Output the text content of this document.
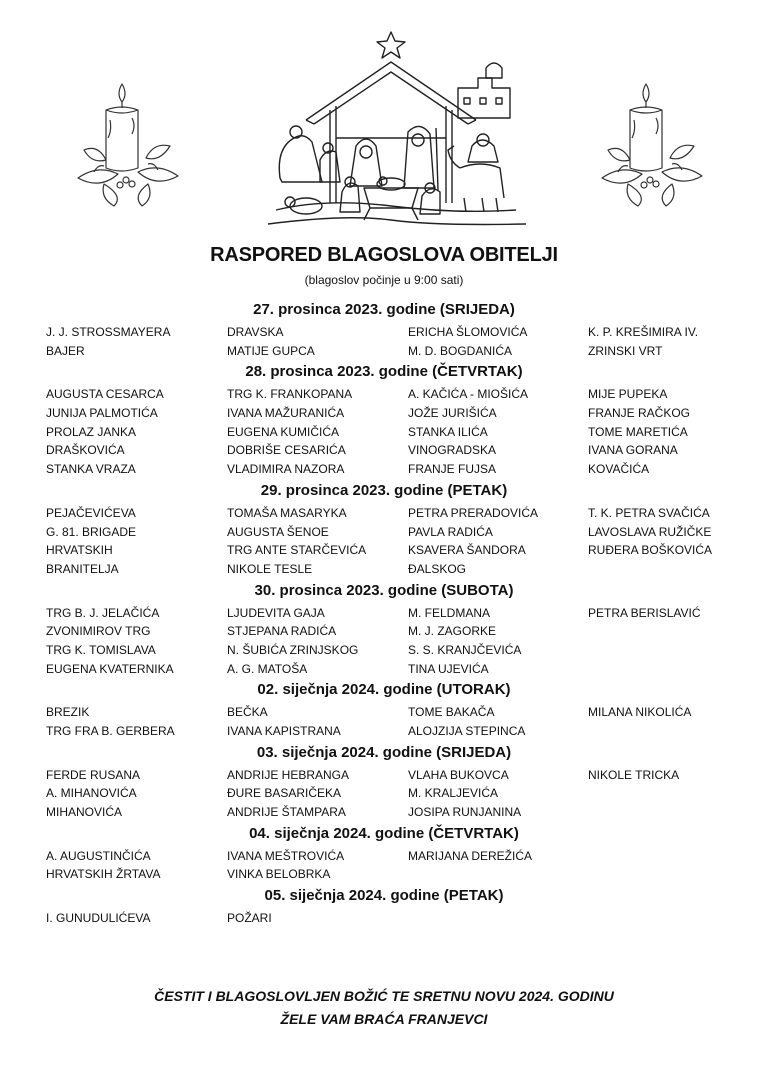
RASPORED BLAGOSLOVA OBITELJI
(blagoslov počinje u 9:00 sati)
27. prosinca 2023. godine (SRIJEDA)
J. J. STROSSMAYERA	DRAVSKA	ERICHA ŠLOMOVIĆA	K. P. KREŠIMIRA IV.
BAJER	MATIJE GUPCA	M. D. BOGDANIĆA	ZRINSKI VRT
28. prosinca 2023. godine (ČETVRTAK)
AUGUSTA CESARCA	TRG K. FRANKOPANA	A. KAČIĆA - MIOŠIĆA	MIJE PUPEKA
JUNIJA PALMOTIĆA	IVANA MAŽURANIĆA	JOŽE JURIŠIĆA	FRANJE RAČKOG
PROLAZ JANKA	EUGENA KUMIČIĆA	STANKA ILIĆA	TOME MARETIĆA
DRAŠKOVIĆA	DOBRIŠE CESARIĆA	VINOGRADSKA	IVANA GORANA
STANKA VRAZA	VLADIMIRA NAZORA	FRANJE FUJSA	KOVAČIĆA
29. prosinca 2023. godine (PETAK)
PEJAČEVIĆEVA	TOMAŠA MASARYKA	PETRA PRERADOVIĆA	T. K. PETRA SVAČIĆA
G. 81. BRIGADE	AUGUSTA ŠENOE	PAVLA RADIĆA	LAVOSLAVA RUŽIČKE
HRVATSKIH	TRG ANTE STARČEVIĆA	KSAVERA ŠANDORA	RUĐERA BOŠKOVIĆA
BRANITELJA	NIKOLE TESLE	ĐALSKOG
30. prosinca 2023. godine (SUBOTA)
TRG B. J. JELAČIĆA	LJUDEVITA GAJA	M. FELDMANA	PETRA BERISLAVIĆ
ZVONIMIROV TRG	STJEPANA RADIĆA	M. J. ZAGORKE
TRG K. TOMISLAVA	N. ŠUBIĆA ZRINJSKOG	S. S. KRANJČEVIĆA
EUGENA KVATERNIKA	A. G. MATOŠA	TINA UJEVIĆA
02. siječnja 2024. godine (UTORAK)
BREZIK	BEČKA	TOME BAKAČA	MILANA NIKOLIĆA
TRG FRA B. GERBERA	IVANA KAPISTRANA	ALOJZIJA STEPINCA
03. siječnja 2024. godine (SRIJEDA)
FERDE RUSANA	ANDRIJE HEBRANGA	VLAHA BUKOVCA	NIKOLE TRICKA
A. MIHANOVIĆA	ĐURE BASARIČEKA	M. KRALJEVIĆA
MIHANOVIĆA	ANDRIJE ŠTAMPARA	JOSIPA RUNJANINA
04. siječnja 2024. godine (ČETVRTAK)
A. AUGUSTINČIĆA	IVANA MEŠTROVIĆA	MARIJANA DEREŽIĆA
HRVATSKIH ŽRTAVA	VINKA BELOBRKA
05. siječnja 2024. godine (PETAK)
I. GUNUDULIĆEVA	POŽARI
ČESTIT I BLAGOSLOVLJEN BOŽIĆ TE SRETNU NOVU 2024. GODINU
ŽELE VAM BRAĆA FRANJEVCI
